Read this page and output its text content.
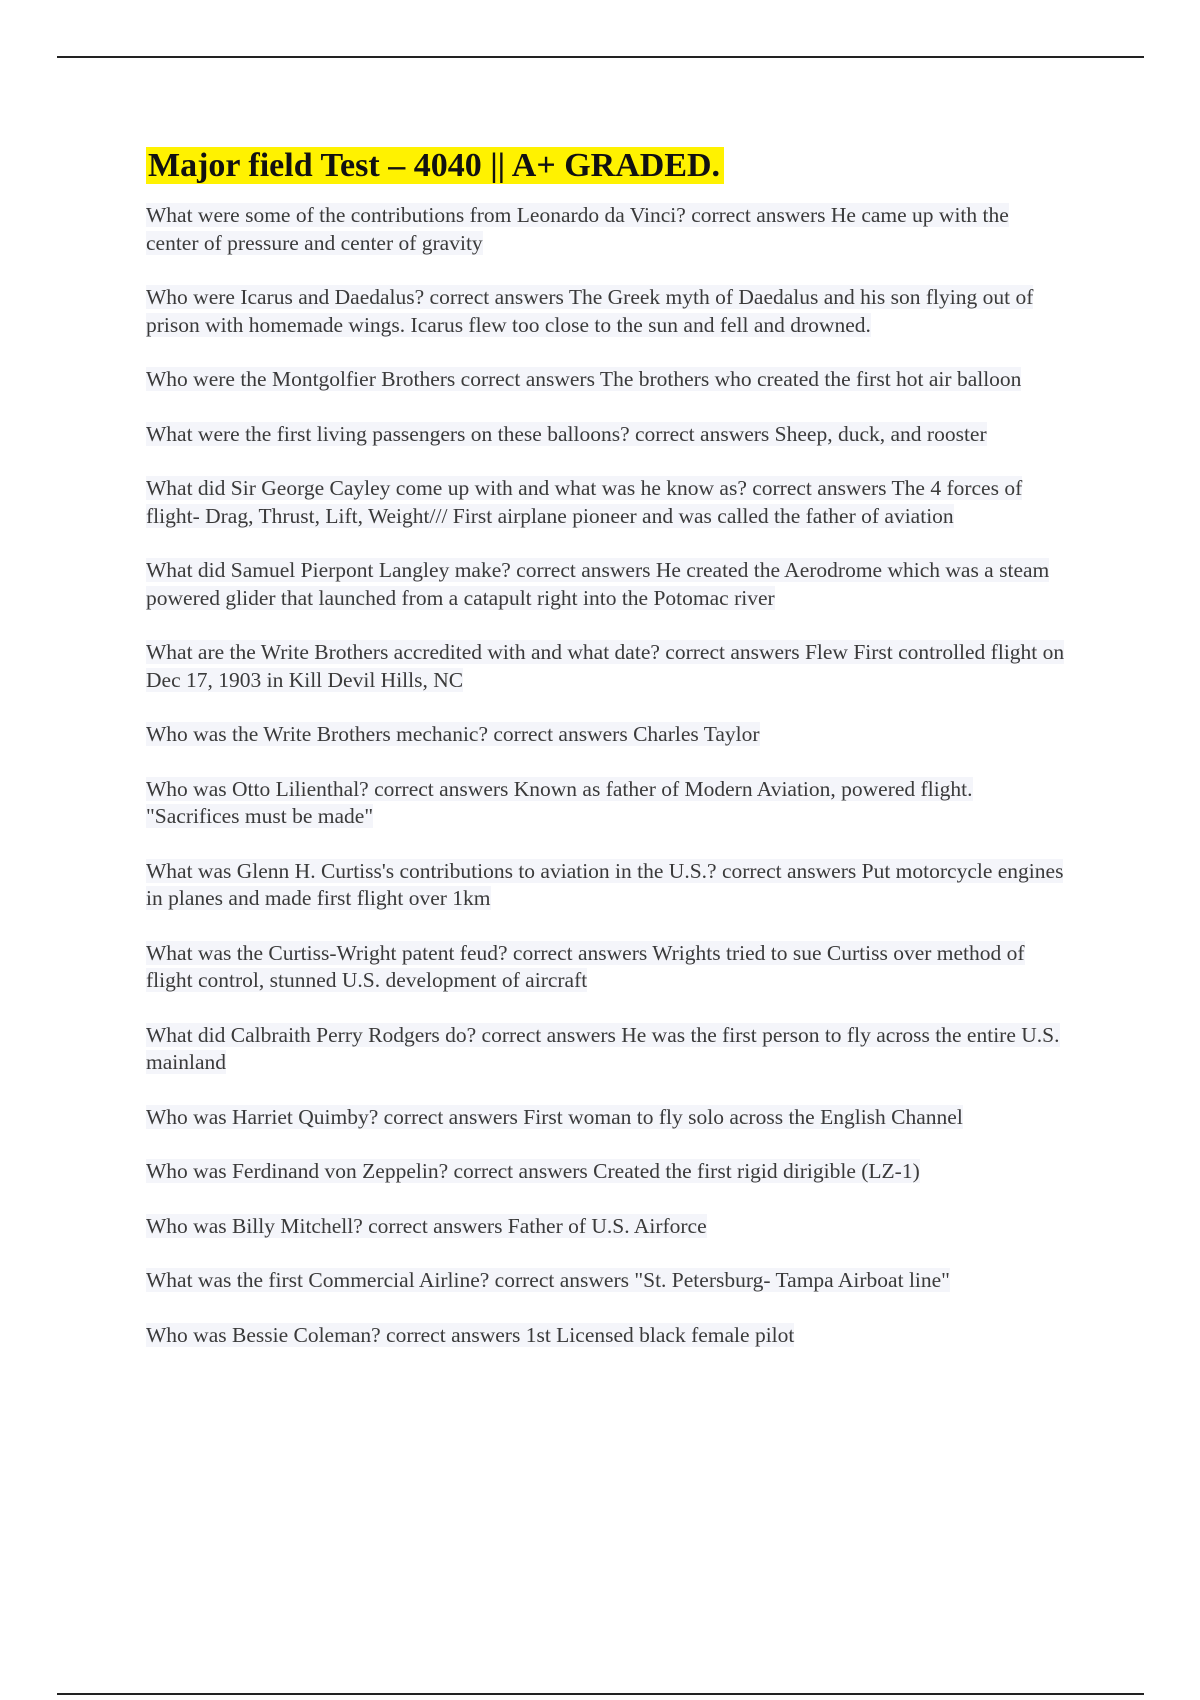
Major field Test – 4040 || A+ GRADED.
What were some of the contributions from Leonardo da Vinci? correct answers He came up with the center of pressure and center of gravity
Who were Icarus and Daedalus? correct answers The Greek myth of Daedalus and his son flying out of prison with homemade wings. Icarus flew too close to the sun and fell and drowned.
Who were the Montgolfier Brothers correct answers The brothers who created the first hot air balloon
What were the first living passengers on these balloons? correct answers Sheep, duck, and rooster
What did Sir George Cayley come up with and what was he know as? correct answers The 4 forces of flight- Drag, Thrust, Lift, Weight/// First airplane pioneer and was called the father of aviation
What did Samuel Pierpont Langley make? correct answers He created the Aerodrome which was a steam powered glider that launched from a catapult right into the Potomac river
What are the Write Brothers accredited with and what date? correct answers Flew First controlled flight on Dec 17, 1903 in Kill Devil Hills, NC
Who was the Write Brothers mechanic? correct answers Charles Taylor
Who was Otto Lilienthal? correct answers Known as father of Modern Aviation, powered flight. "Sacrifices must be made"
What was Glenn H. Curtiss's contributions to aviation in the U.S.? correct answers Put motorcycle engines in planes and made first flight over 1km
What was the Curtiss-Wright patent feud? correct answers Wrights tried to sue Curtiss over method of flight control, stunned U.S. development of aircraft
What did Calbraith Perry Rodgers do? correct answers He was the first person to fly across the entire U.S. mainland
Who was Harriet Quimby? correct answers First woman to fly solo across the English Channel
Who was Ferdinand von Zeppelin? correct answers Created the first rigid dirigible (LZ-1)
Who was Billy Mitchell? correct answers Father of U.S. Airforce
What was the first Commercial Airline? correct answers "St. Petersburg- Tampa Airboat line"
Who was Bessie Coleman? correct answers 1st Licensed black female pilot
